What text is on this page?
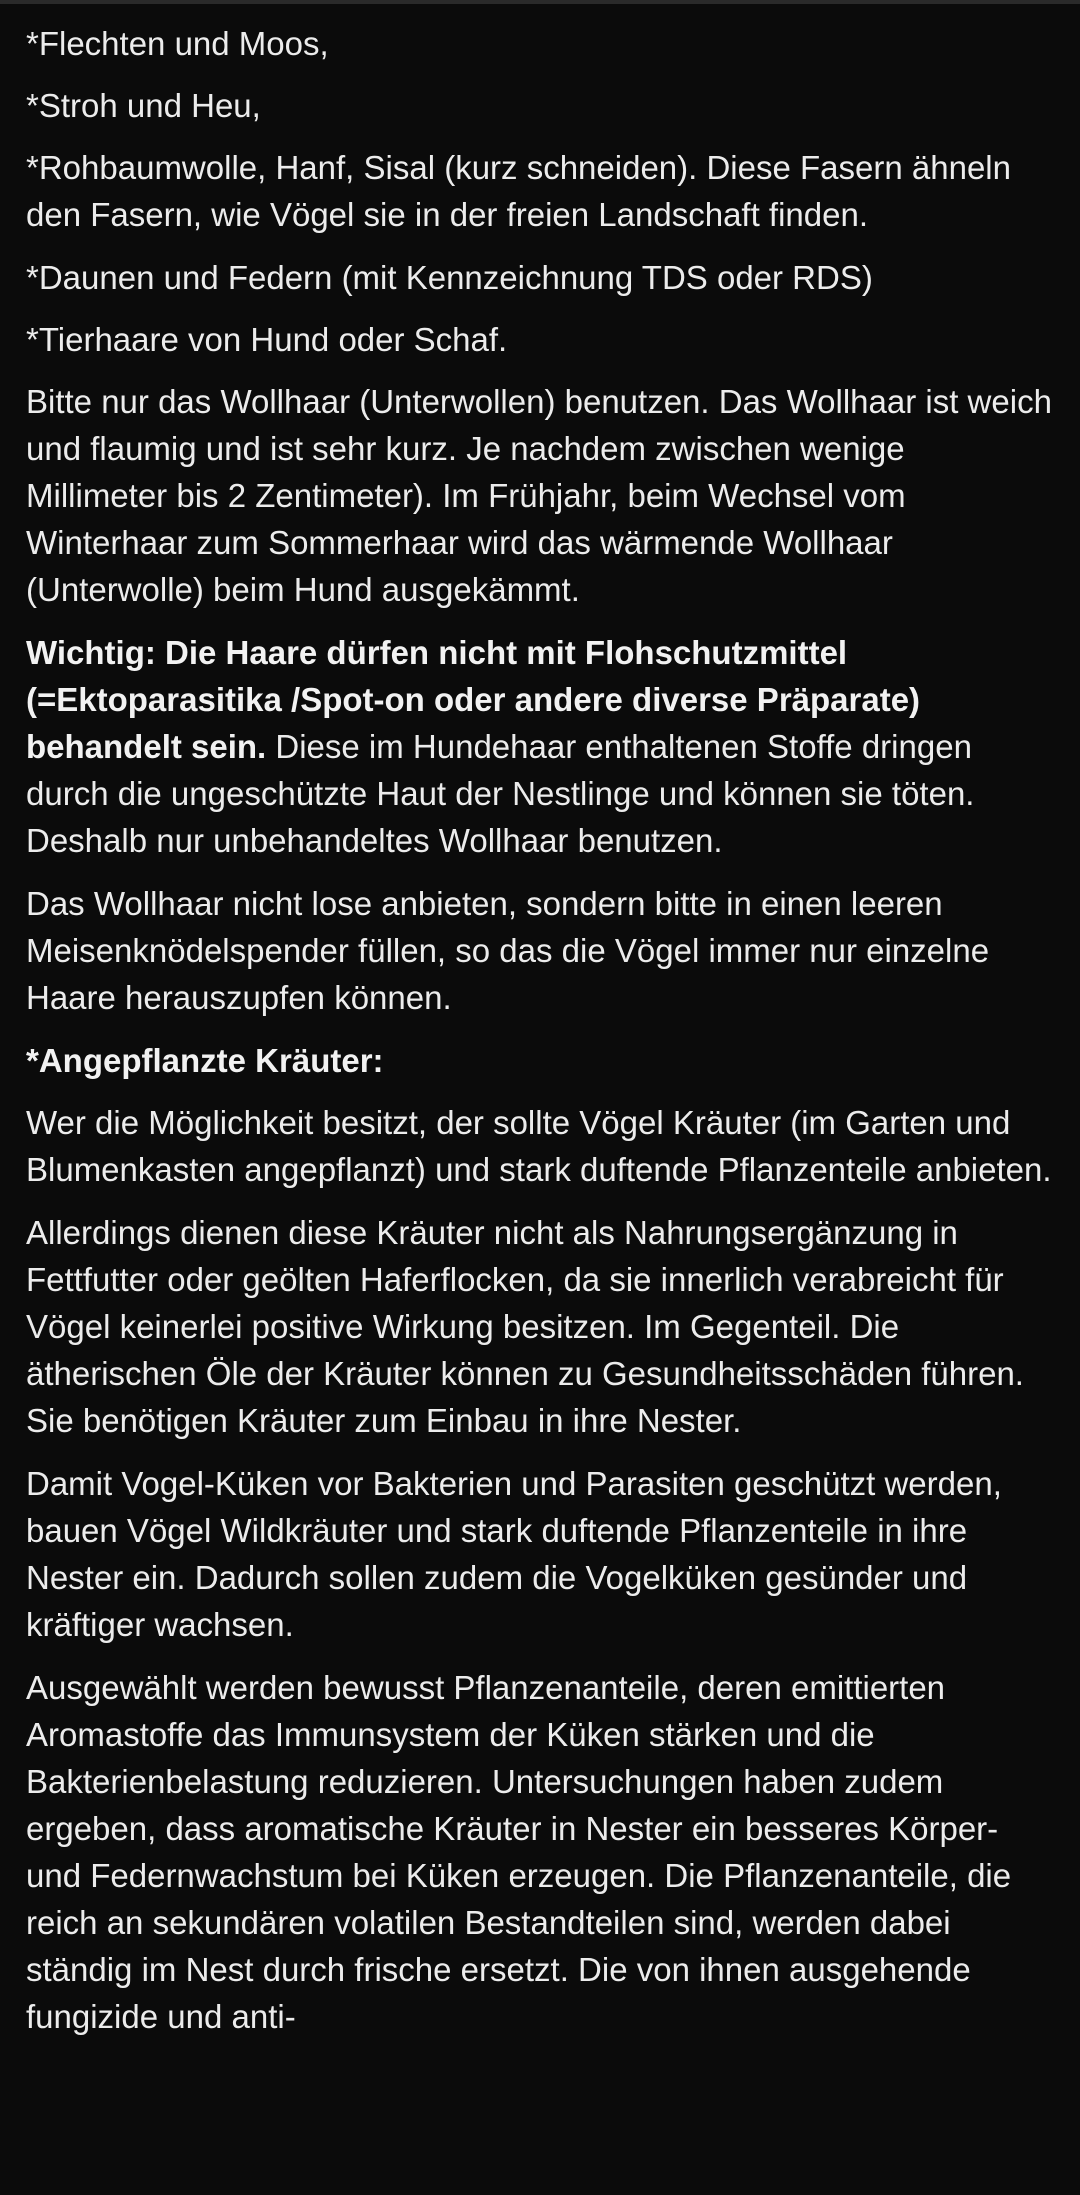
*Flechten und Moos,

*Stroh und Heu,

*Rohbaumwolle, Hanf, Sisal (kurz schneiden). Diese Fasern ähneln den Fasern, wie Vögel sie in der freien Landschaft finden.

*Daunen und Federn (mit Kennzeichnung TDS oder RDS)

*Tierhaare von Hund oder Schaf.

Bitte nur das Wollhaar (Unterwollen) benutzen. Das Wollhaar ist weich und flaumig und ist sehr kurz. Je nachdem zwischen wenige Millimeter bis 2 Zentimeter). Im Frühjahr, beim Wechsel vom Winterhaar zum Sommerhaar wird das wärmende Wollhaar (Unterwolle) beim Hund ausgekämmt.

Wichtig: Die Haare dürfen nicht mit Flohschutzmittel (=Ektoparasitika /Spot-on oder andere diverse Präparate) behandelt sein. Diese im Hundehaar enthaltenen Stoffe dringen durch die ungeschützte Haut der Nestlinge und können sie töten. Deshalb nur unbehandeltes Wollhaar benutzen.

Das Wollhaar nicht lose anbieten, sondern bitte in einen leeren Meisenknödelspender füllen, so das die Vögel immer nur einzelne Haare herauszupfen können.

*Angepflanzte Kräuter:

Wer die Möglichkeit besitzt, der sollte Vögel Kräuter (im Garten und Blumenkasten angepflanzt) und stark duftende Pflanzenteile anbieten.

Allerdings dienen diese Kräuter nicht als Nahrungsergänzung in Fettfutter oder geölten Haferflocken, da sie innerlich verabreicht für Vögel keinerlei positive Wirkung besitzen. Im Gegenteil. Die ätherischen Öle der Kräuter können zu Gesundheitsschäden führen. Sie benötigen Kräuter zum Einbau in ihre Nester.

Damit Vogel-Küken vor Bakterien und Parasiten geschützt werden, bauen Vögel Wildkräuter und stark duftende Pflanzenteile in ihre Nester ein. Dadurch sollen zudem die Vogelküken gesünder und kräftiger wachsen.

Ausgewählt werden bewusst Pflanzenanteile, deren emittierten Aromastoffe das Immunsystem der Küken stärken und die Bakterienbelastung reduzieren. Untersuchungen haben zudem ergeben, dass aromatische Kräuter in Nester ein besseres Körper- und Federnwachstum bei Küken erzeugen. Die Pflanzenanteile, die reich an sekundären volatilen Bestandteilen sind, werden dabei ständig im Nest durch frische ersetzt. Die von ihnen ausgehende fungizide und anti-
